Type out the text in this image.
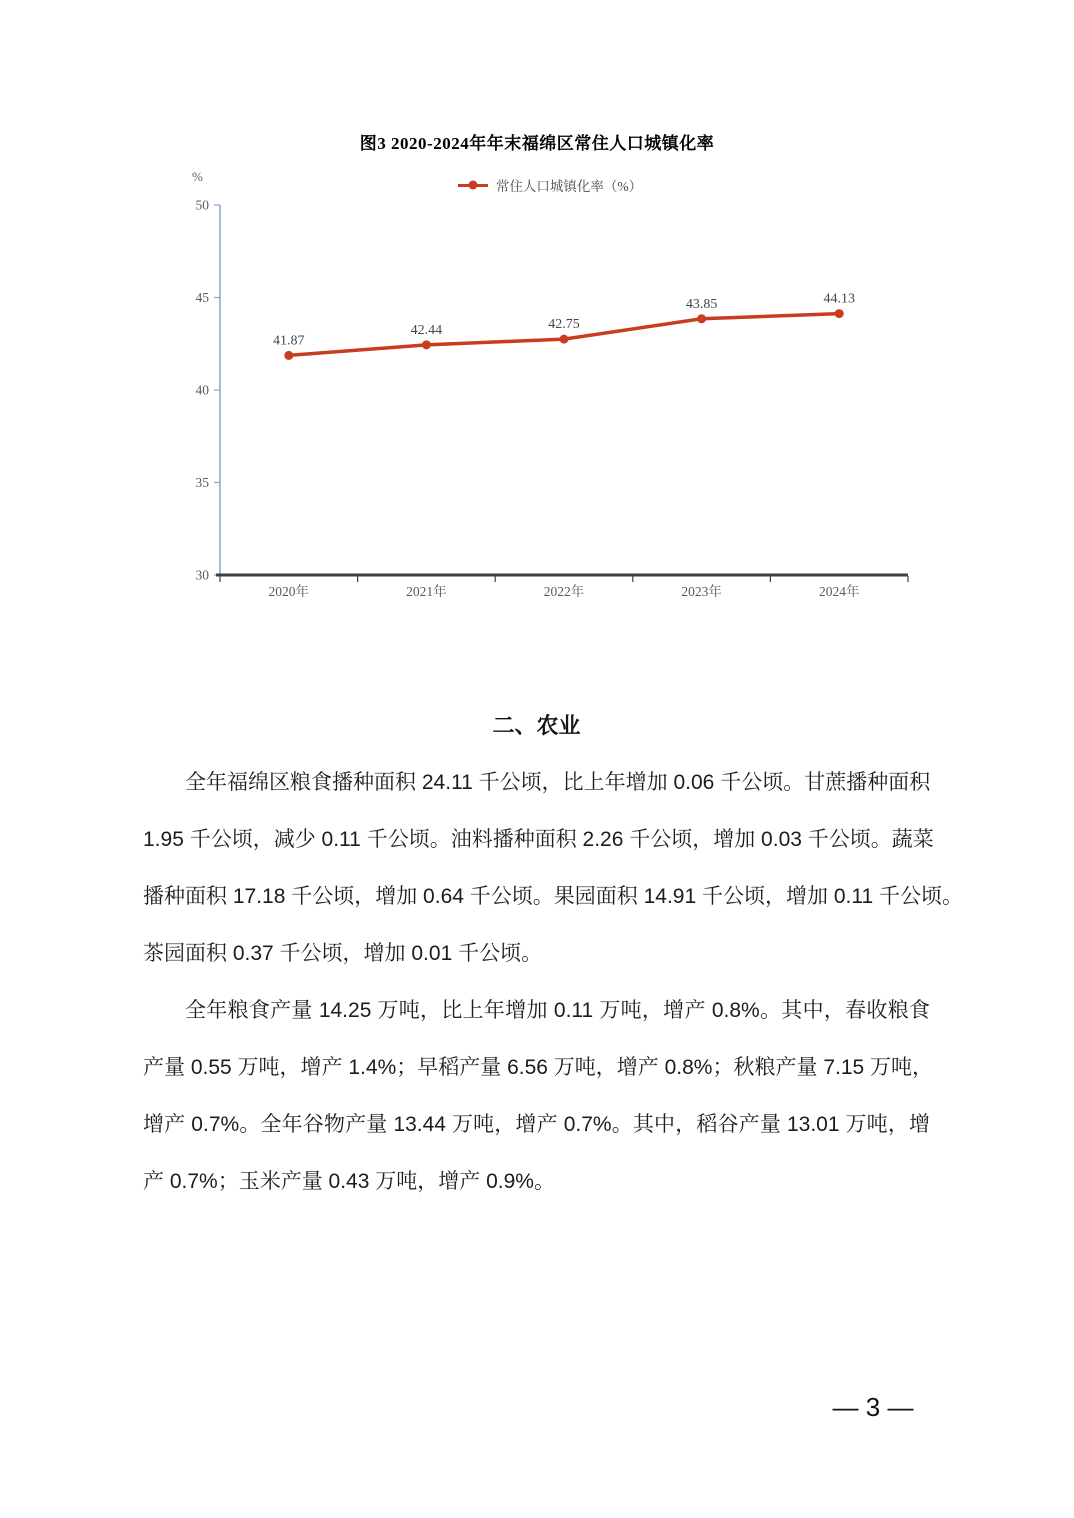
图3 2020-2024年年末福绵区常住人口城镇化率
%
常住人口城镇化率（%）
30
35
40
45
50
2020年	2021年	2022年	2023年	2024年
41.87
42.44	42.75
43.85	44.13
二、农业
全年福绵区粮食播种面积 24.11 千公顷，比上年增加 0.06 千公顷。甘蔗播种面积
1.95 千公顷，减少 0.11 千公顷。油料播种面积 2.26 千公顷，增加 0.03 千公顷。蔬菜
播种面积 17.18 千公顷，增加 0.64 千公顷。果园面积 14.91 千公顷，增加 0.11 千公顷。
茶园面积 0.37 千公顷，增加 0.01 千公顷。
全年粮食产量 14.25 万吨，比上年增加 0.11 万吨，增产 0.8%。其中，春收粮食
产量 0.55 万吨，增产 1.4%；早稻产量 6.56 万吨，增产 0.8%；秋粮产量 7.15 万吨，
增产 0.7%。全年谷物产量 13.44 万吨，增产 0.7%。其中，稻谷产量 13.01 万吨，增
产 0.7%；玉米产量 0.43 万吨，增产 0.9%。
— 3 —
